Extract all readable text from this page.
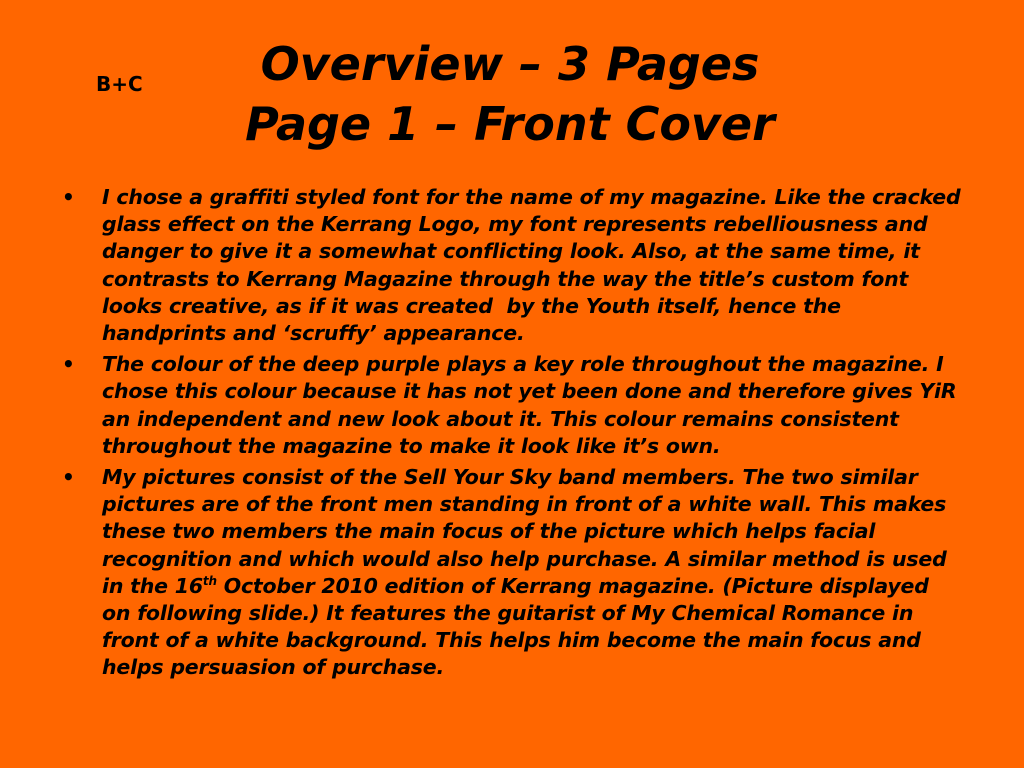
B+C	Overview – 3 Pages
Page 1 – Front Cover
• I chose a graffiti styled font for the name of my magazine. Like the cracked glass effect on the Kerrang Logo, my font represents rebelliousness and danger to give it a somewhat conflicting look. Also, at the same time, it contrasts to Kerrang Magazine through the way the title’s custom font looks creative, as if it was created  by the Youth itself, hence the handprints and ‘scruffy’ appearance.
• The colour of the deep purple plays a key role throughout the magazine. I chose this colour because it has not yet been done and therefore gives YiR an independent and new look about it. This colour remains consistent throughout the magazine to make it look like it’s own.
• My pictures consist of the Sell Your Sky band members. The two similar pictures are of the front men standing in front of a white wall. This makes these two members the main focus of the picture which helps facial recognition and which would also help purchase. A similar method is used in the 16th October 2010 edition of Kerrang magazine. (Picture displayed on following slide.) It features the guitarist of My Chemical Romance in front of a white background. This helps him become the main focus and helps persuasion of purchase.
